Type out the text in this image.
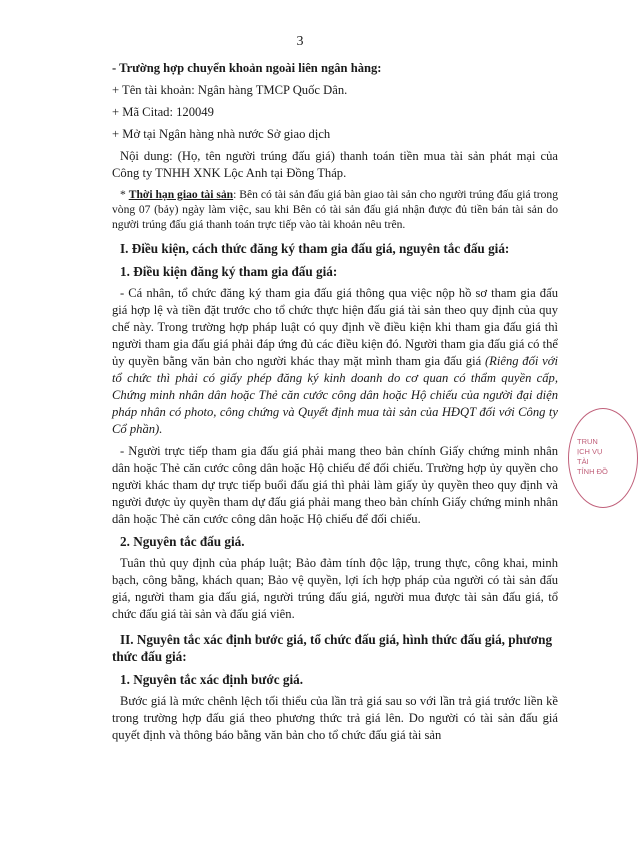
3

- Trường hợp chuyển khoản ngoài liên ngân hàng:

+ Tên tài khoản: Ngân hàng TMCP Quốc Dân.

+ Mã Citad: 120049

+ Mở tại Ngân hàng nhà nước Sở giao dịch

Nội dung: (Họ, tên người trúng đấu giá) thanh toán tiền mua tài sản phát mại của Công ty TNHH XNK Lộc Anh tại Đồng Tháp.

* Thời hạn giao tài sản: Bên có tài sản đấu giá bàn giao tài sản cho người trúng đấu giá trong vòng 07 (bảy) ngày làm việc, sau khi Bên có tài sản đấu giá nhận được đủ tiền bán tài sản do người trúng đấu giá thanh toán trực tiếp vào tài khoản nêu trên.

I. Điều kiện, cách thức đăng ký tham gia đấu giá, nguyên tắc đấu giá:
1. Điều kiện đăng ký tham gia đấu giá:

- Cá nhân, tổ chức đăng ký tham gia đấu giá thông qua việc nộp hồ sơ tham gia đấu giá hợp lệ và tiền đặt trước cho tổ chức thực hiện đấu giá tài sản theo quy định của quy chế này. Trong trường hợp pháp luật có quy định về điều kiện khi tham gia đấu giá thì người tham gia đấu giá phải đáp ứng đủ các điều kiện đó. Người tham gia đấu giá có thể ủy quyền bằng văn bản cho người khác thay mặt mình tham gia đấu giá (Riêng đối với tổ chức thì phải có giấy phép đăng ký kinh doanh do cơ quan có thẩm quyền cấp, Chứng minh nhân dân hoặc Thẻ căn cước công dân hoặc Hộ chiếu của người đại diện pháp nhân có photo, công chứng và Quyết định mua tài sản của HĐQT đối với Công ty Cổ phần).

- Người trực tiếp tham gia đấu giá phải mang theo bản chính Giấy chứng minh nhân dân hoặc Thẻ căn cước công dân hoặc Hộ chiếu để đối chiếu. Trường hợp ủy quyền cho người khác tham dự trực tiếp buổi đấu giá thì phải làm giấy ủy quyền theo quy định và người được ủy quyền tham dự đấu giá phải mang theo bản chính Giấy chứng minh nhân dân hoặc Thẻ căn cước công dân hoặc Hộ chiếu để đối chiếu.

2. Nguyên tắc đấu giá.

Tuân thủ quy định của pháp luật; Bảo đảm tính độc lập, trung thực, công khai, minh bạch, công bằng, khách quan; Bảo vệ quyền, lợi ích hợp pháp của người có tài sản đấu giá, người tham gia đấu giá, người trúng đấu giá, người mua được tài sản đấu giá, tổ chức đấu giá tài sản và đấu giá viên.

II. Nguyên tắc xác định bước giá, tổ chức đấu giá, hình thức đấu giá, phương thức đấu giá:
1. Nguyên tắc xác định bước giá.

Bước giá là mức chênh lệch tối thiểu của lần trả giá sau so với lần trả giá trước liền kề trong trường hợp đấu giá theo phương thức trả giá lên. Do người có tài sản đấu giá quyết định và thông báo bằng văn bản cho tổ chức đấu giá tài sản

TRUN
ỊCH VỤ
TÀI
TỈNH ĐỒ
